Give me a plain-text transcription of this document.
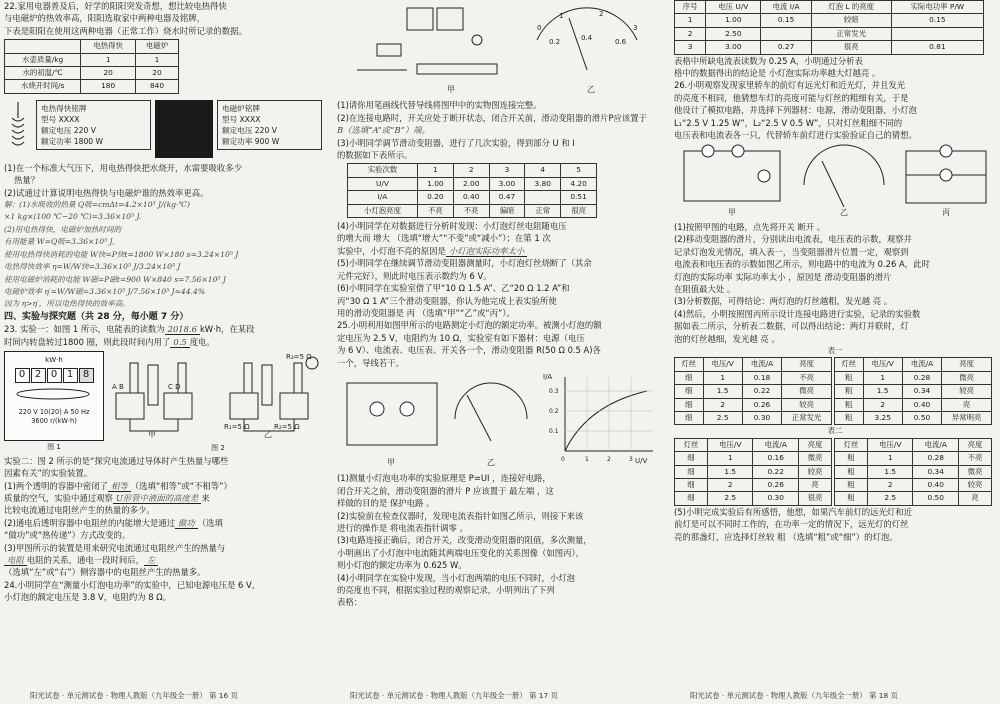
22.家用电器普及后，好学的阳阳突发奇想，想比较电热得快

与电磁炉的热效率高，阳阳选取家中两种电器及铭牌，

下表是阳阳在使用这两种电器（正常工作）烧水时所记录的数据。

	电热得快	电磁炉
水壶质量/kg	1	1
水的初温/℃	20	20
水烧开时间/s	180	840
电热得快铭牌
型号 XXXX
额定电压 220 V
额定功率 1800 W
电磁炉铭牌
型号 XXXX
额定电压 220 V
额定功率 900 W

(1)在一个标准大气压下，用电热得快把水烧开，水需要吸收多少

热量？

(2)试通过计算说明电热得快与电磁炉谁的热效率更高。

解：(1)水吸收的热量 Q吸=cmΔt=4.2×10³ J/(kg·℃)

×1 kg×(100 ℃−20 ℃)=3.36×10⁵ J.

(2)用电热得快，电磁炉加热时间的

有用能量 W=Q吸=3.36×10⁵ J,

使用电热得快消耗的电能 W快=P快t=1800 W×180 s=3.24×10⁵ J

电热得快效率 η=W/W快=3.36×10⁵ J/3.24×10⁵ J

使用电磁炉消耗的电能 W磁=P磁t=900 W×840 s=7.56×10⁵ J

电磁炉效率 η′=W/W磁=3.36×10⁵ J/7.56×10⁵ J≈44.4%

因为 η>η′，所以电热得快的效率高。

四、实验与探究题（共 28 分，每小题 7 分）

23. 实验一：如图 1 所示，电能表的读数为 2018.6 kW·h，在某段

时间内转盘转过1800 圈，则此段时间内用了 0.5 度电。

kW·h
0 2 0 1 8
220 V 10(20) A 50 Hz
3600 r/(kW·h)
图 1
A B	C D
R₃=5 Ω
R₁=5 Ω	R₂=5 Ω
甲	乙
图 2

实验二：图 2 所示的是“探究电流通过导体时产生热量与哪些

因素有关”的实验装置。

(1)两个透明的容器中密闭了 相等 （选填“相等”或“不相等”）

质量的空气，实验中通过观察 U形管中液面的高度差 来

比较电流通过电阻丝产生的热量的多少。

(2)通电后透明容器中电阻丝的内能增大是通过 做功 （选填

“做功”或“热传递”）方式改变的。

(3)甲图所示的装置是用来研究电流通过电阻丝产生的热量与

电阻 电阻的关系，通电一段时间后， 左

（选填“左”或“右”）侧容器中的电阻丝产生的热量多。

24.小明同学在“测量小灯泡电功率”的实验中，已知电源电压是 6 V，

小灯泡的额定电压是 3.8 V，电阻约为 8 Ω。

阳光试卷 · 单元测试卷 · 物理人教版（九年级全一册） 第 16 页
甲
0
1	2
3
0.2	0.4	0.6
乙

(1)请你用笔画线代替导线将图甲中的实物图连接完整。

(2)在连接电路时，开关应处于断开状态，闭合开关前，滑动变阻器的滑片P应该置于

B（选填“A”或“B”）端。

(3)小明同学调节滑动变阻器，进行了几次实验，得到部分 U 和 I

的数据如下表所示。

实验次数	1	2	3	4	5
U/V	1.00	2.00	3.00	3.80	4.20
I/A	0.20	0.40	0.47		0.51
小灯泡亮度	不亮	不亮	偏暗	正常	很亮

(4)小明同学在对数据进行分析时发现：小灯泡灯丝电阻随电压

的增大而 增大 （选填“增大”“不变”或“减小”）；在第 1 次

实验中，小灯泡不亮的原因是 小灯泡实际功率太小

(5)小明同学在继续调节滑动变阻器测量时，小灯泡灯丝烧断了（其余

元件完好），则此时电压表示数约为 6 V。

(6)小明同学在实验室借了甲“10 Ω 1.5 A”、乙“20 Ω 1.2 A”和

丙“30 Ω 1 A”三个滑动变阻器，你认为他完成上表实验所使

用的滑动变阻器是 丙 （选填“甲”“乙”或“丙”）。

25.小明利用如图甲所示的电路测定小灯泡的额定功率。被测小灯泡的额

定电压为 2.5 V，电阻约为 10 Ω，实验室有如下器材：电源（电压

为 6 V）、电流表、电压表、开关各一个，滑动变阻器 R(50 Ω 0.5 A)各

一个，导线若干。

U/V
I/A
0	1	2	3
0.1
0.2
0.3
甲	乙

(1)测量小灯泡电功率的实验原理是 P=UI ，连接好电路，

闭合开关之前，滑动变阻器的滑片 P 应该置于 最左端 ，这

样做的目的是 保护电路 。

(2)实验前在检查仪器时，发现电流表指针如图乙所示，则接下来该

进行的操作是 将电流表指针调零 。

(3)电路连接正确后，闭合开关，改变滑动变阻器的阻值，多次测量，

小明画出了小灯泡中电流随其两端电压变化的关系图像（如图丙），

则小灯泡的额定功率为 0.625 W。

(4)小明同学在实验中发现，当小灯泡两端的电压不同时，小灯泡

的亮度也不同，根据实验过程的观察记录，小明列出了下列

表格：

阳光试卷 · 单元测试卷 · 物理人教版（九年级全一册） 第 17 页
序号	电压 U/V	电流 I/A	灯泡 L 的亮度	实际电功率 P/W
1	1.00	0.15	较暗	0.15
2	2.50		正常发光	
3	3.00	0.27	很亮	0.81

表格中所缺电流表读数为 0.25 A，小明通过分析表

格中的数据得出的结论是 小灯泡实际功率越大灯越亮 。

26.小明观察发现家里轿车的前灯有远光灯和近光灯，并且发光

的亮度不相同，他猜想车灯的亮度可能与灯丝的粗细有关，于是

他设计了模拟电路，并选择下列器材：电源，滑动变阻器，小灯泡

L₁“2.5 V 1.25 W”，L₂“2.5 V 0.5 W”，只对灯丝粗细不同的

电压表和电流表各一只，代替轿车前灯进行实验验证自己的猜想。

甲	乙	丙

(1)按照甲图的电路，点先将开关 断开 。

(2)移动变阻器的滑片，分别读出电流表，电压表的示数，观察并

记录灯泡发光情况，填入表一，当变阻器滑片位置一定，观察到

电流表和电压表的示数如图乙所示，则电路中的电流为 0.26 A，此时

灯泡的实际功率 实际功率太小 ，原因是 滑动变阻器的滑片

在阻值最大处 。

(3)分析数据，可得结论：两灯泡的灯丝越粗，发光越 亮 。

(4)然后，小明按照图丙所示设计连接电路进行实验，记录的实验数

据如表二所示，分析表二数据，可以得出结论：两灯并联时，灯

泡的灯丝越细，发光越 亮 。

表一
灯丝	电压/V	电流/A	亮度
细	1	0.18	不亮
细	1.5	0.22	微亮
细	2	0.26	较亮
细	2.5	0.30	正常发光
灯丝	电压/V	电流/A	亮度
粗	1	0.28	微亮
粗	1.5	0.34	较亮
粗	2	0.40	亮
粗	3.25	0.50	异常明亮
表二
灯丝	电压/V	电流/A	亮度
细	1	0.16	微亮
细	1.5	0.22	较亮
细	2	0.26	亮
细	2.5	0.30	很亮
灯丝	电压/V	电流/A	亮度
粗	1	0.28	不亮
粗	1.5	0.34	微亮
粗	2	0.40	较亮
粗	2.5	0.50	亮

(5)小明完成实验后有所感悟，他想，如果汽车前灯的远光灯和近

前灯是可以不同时工作的，在功率一定的情况下，远光灯的灯丝

亮的那盏灯，应选择灯丝较 粗 （选填“粗”或“细”）的灯泡。

阳光试卷 · 单元测试卷 · 物理人教版（九年级全一册） 第 18 页
